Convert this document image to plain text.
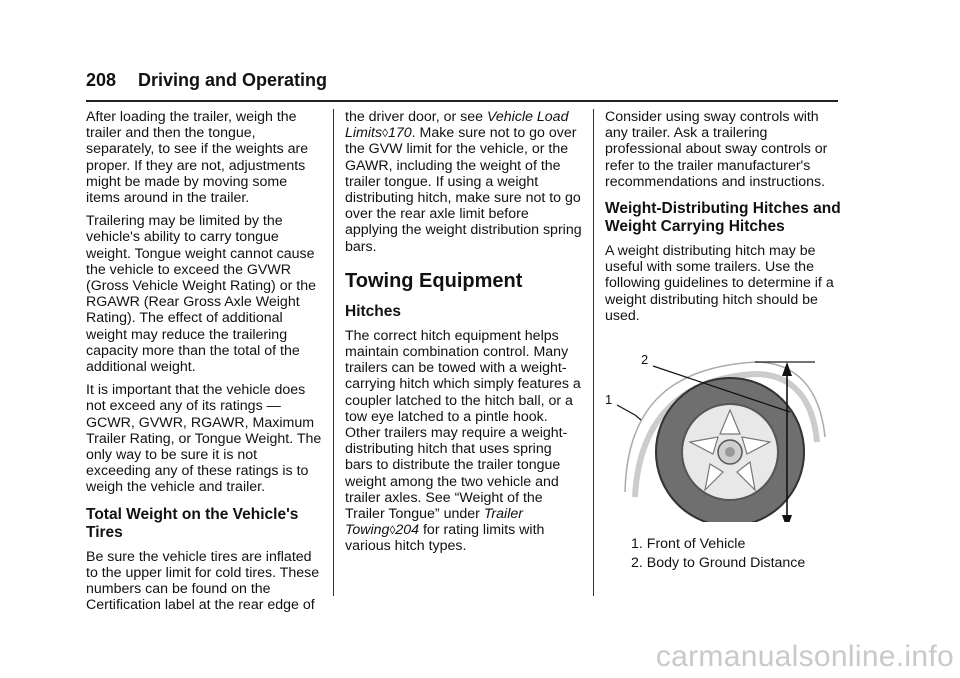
208 Driving and Operating

After loading the trailer, weigh the trailer and then the tongue, separately, to see if the weights are proper. If they are not, adjustments might be made by moving some items around in the trailer.

Trailering may be limited by the vehicle's ability to carry tongue weight. Tongue weight cannot cause the vehicle to exceed the GVWR (Gross Vehicle Weight Rating) or the RGAWR (Rear Gross Axle Weight Rating). The effect of additional weight may reduce the trailering capacity more than the total of the additional weight.

It is important that the vehicle does not exceed any of its ratings — GCWR, GVWR, RGAWR, Maximum Trailer Rating, or Tongue Weight. The only way to be sure it is not exceeding any of these ratings is to weigh the vehicle and trailer.

Total Weight on the Vehicle's Tires

Be sure the vehicle tires are inflated to the upper limit for cold tires. These numbers can be found on the Certification label at the rear edge of

the driver door, or see Vehicle Load Limits◊170. Make sure not to go over the GVW limit for the vehicle, or the GAWR, including the weight of the trailer tongue. If using a weight distributing hitch, make sure not to go over the rear axle limit before applying the weight distribution spring bars.

Towing Equipment
Hitches

The correct hitch equipment helps maintain combination control. Many trailers can be towed with a weight-carrying hitch which simply features a coupler latched to the hitch ball, or a tow eye latched to a pintle hook. Other trailers may require a weight-distributing hitch that uses spring bars to distribute the trailer tongue weight among the two vehicle and trailer axles. See “Weight of the Trailer Tongue” under Trailer Towing◊204 for rating limits with various hitch types.

Consider using sway controls with any trailer. Ask a trailering professional about sway controls or refer to the trailer manufacturer's recommendations and instructions.

Weight-Distributing Hitches and Weight Carrying Hitches

A weight distributing hitch may be useful with some trailers. Use the following guidelines to determine if a weight distributing hitch should be used.

2
1
1. Front of Vehicle
2. Body to Ground Distance
carmanualsonline.info
